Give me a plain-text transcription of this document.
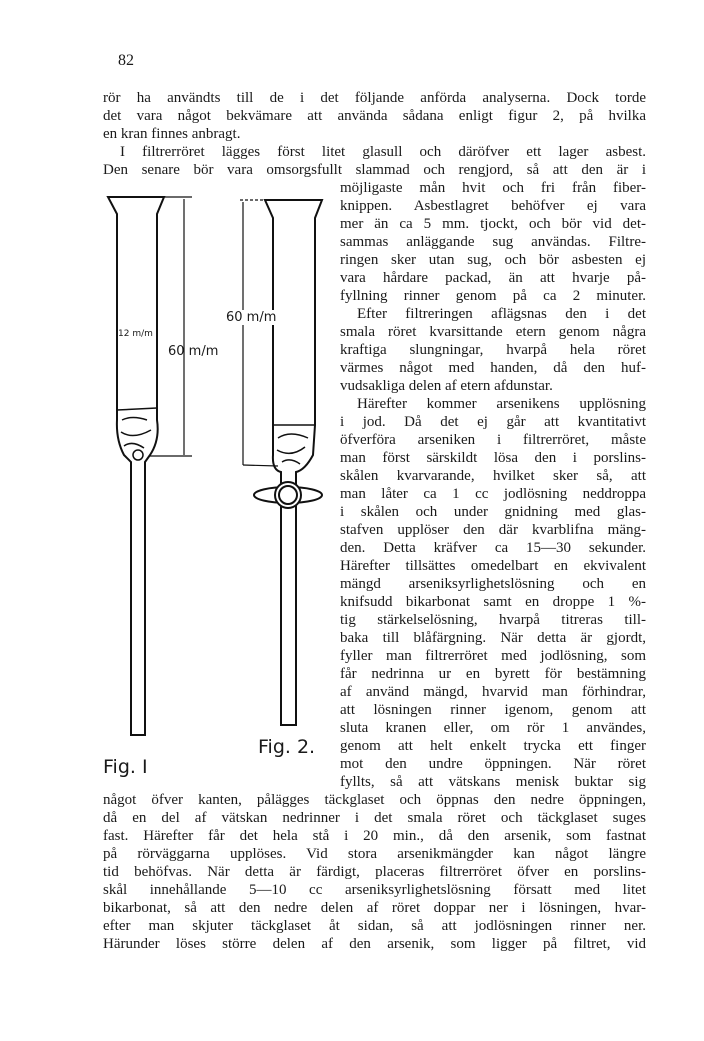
82
60 m/m
12 m/m
60 m/m
Fig. I
Fig. 2.
rör ha användts till de i det följande anförda analyserna. Dock torde
det vara något bekvämare att använda sådana enligt figur 2, på hvilka
en kran finnes anbragt.
I filtrerröret lägges först litet glasull och däröfver ett lager asbest.
Den senare bör vara omsorgsfullt slammad och rengjord, så att den är i
möjligaste mån hvit och fri från fiber-
knippen. Asbestlagret behöfver ej vara
mer än ca 5 mm. tjockt, och bör vid det-
sammas anläggande sug användas. Filtre-
ringen sker utan sug, och bör asbesten ej
vara hårdare packad, än att hvarje på-
fyllning rinner genom på ca 2 minuter.
Efter filtreringen aflägsnas den i det
smala röret kvarsittande etern genom några
kraftiga slungningar, hvarpå hela röret
värmes något med handen, då den huf-
vudsakliga delen af etern afdunstar.
Härefter kommer arsenikens upplösning
i jod. Då det ej går att kvantitativt
öfverföra arseniken i filtrerröret, måste
man först särskildt lösa den i porslins-
skålen kvarvarande, hvilket sker så, att
man låter ca 1 cc jodlösning neddroppa
i skålen och under gnidning med glas-
stafven upplöser den där kvarblifna mäng-
den. Detta kräfver ca 15—30 sekunder.
Härefter tillsättes omedelbart en ekvivalent
mängd arseniksyrlighetslösning och en
knifsudd bikarbonat samt en droppe 1 %-
tig stärkelselösning, hvarpå titreras till-
baka till blåfärgning. När detta är gjordt,
fyller man filtrerröret med jodlösning, som
får nedrinna ur en byrett för bestämning
af använd mängd, hvarvid man förhindrar,
att lösningen rinner igenom, genom att
sluta kranen eller, om rör 1 användes,
genom att helt enkelt trycka ett finger
mot den undre öppningen. När röret
fyllts, så att vätskans menisk buktar sig
något öfver kanten, pålägges täckglaset och öppnas den nedre öppningen,
då en del af vätskan nedrinner i det smala röret och täckglaset suges
fast. Härefter får det hela stå i 20 min., då den arsenik, som fastnat
på rörväggarna upplöses. Vid stora arsenikmängder kan något längre
tid behöfvas. När detta är färdigt, placeras filtrerröret öfver en porslins-
skål innehållande 5—10 cc arseniksyrlighetslösning försatt med litet
bikarbonat, så att den nedre delen af röret doppar ner i lösningen, hvar-
efter man skjuter täckglaset åt sidan, så att jodlösningen rinner ner.
Härunder löses större delen af den arsenik, som ligger på filtret, vid
